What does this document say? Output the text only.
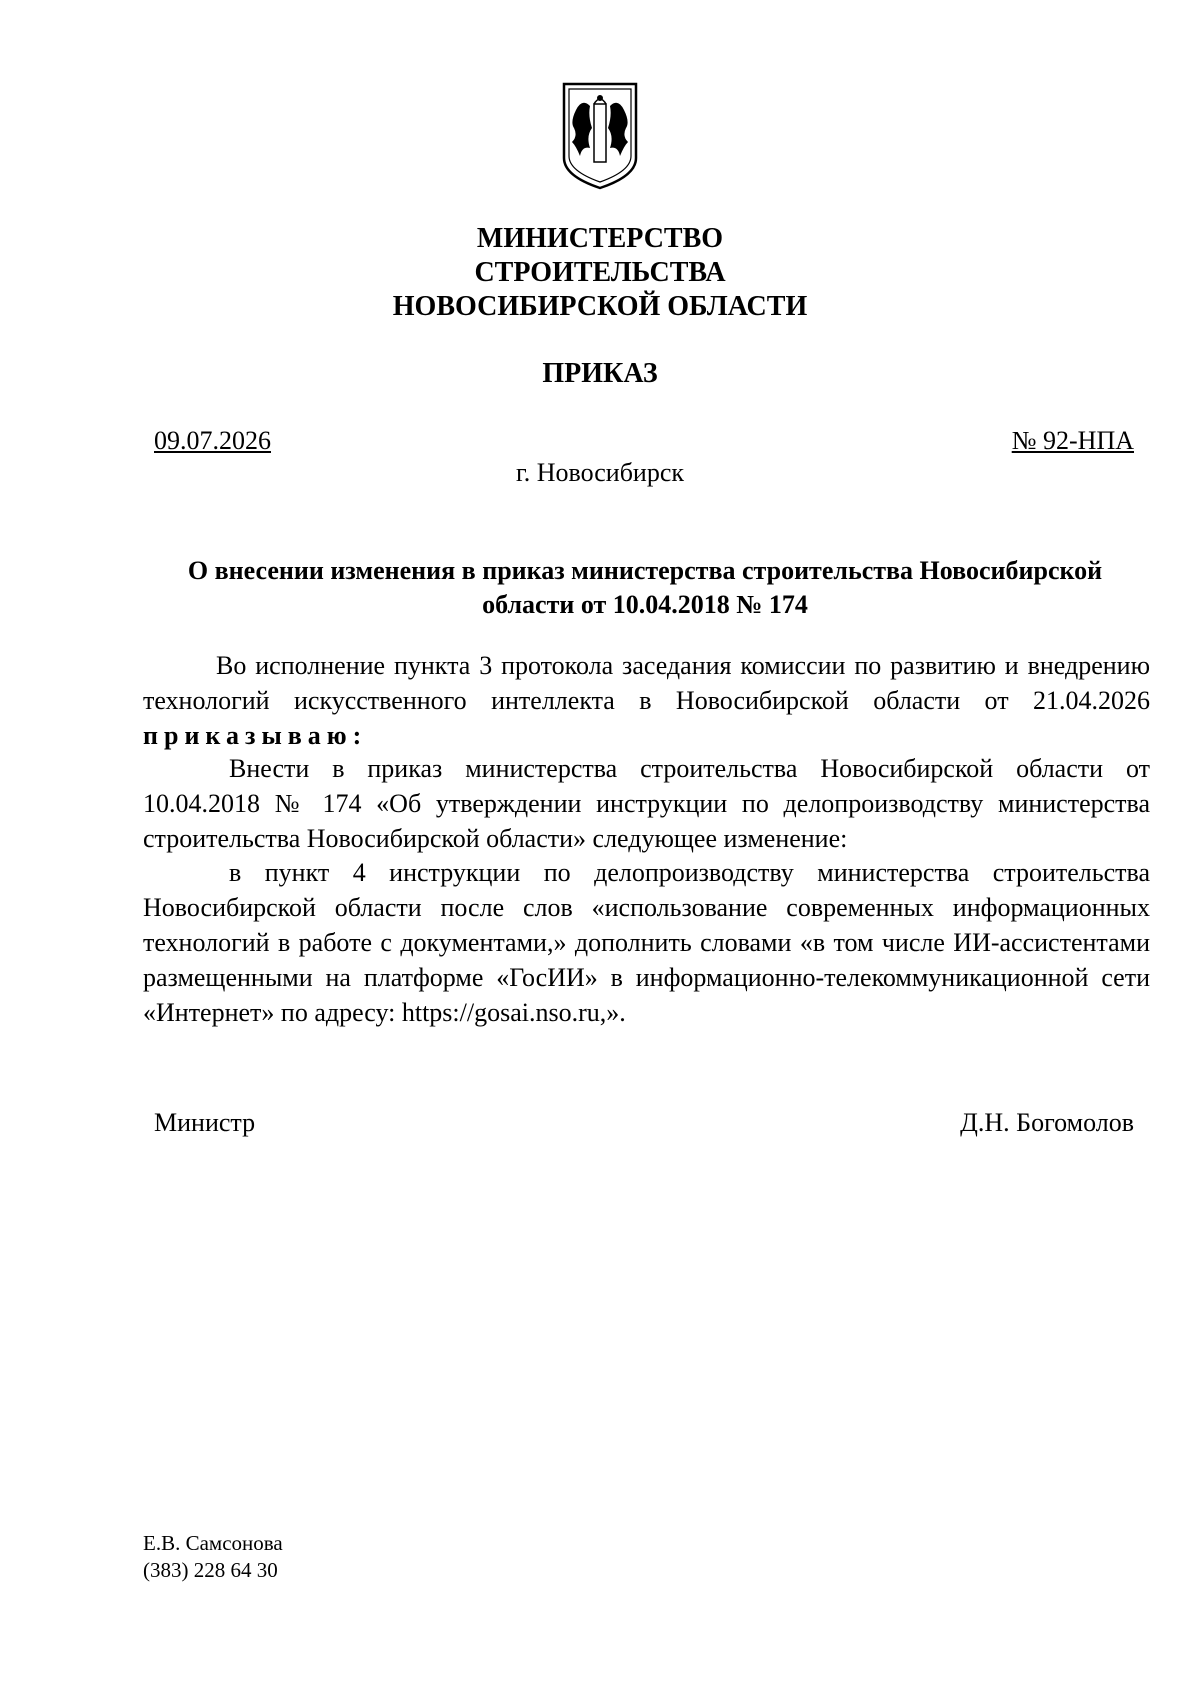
МИНИСТЕРСТВО
СТРОИТЕЛЬСТВА
НОВОСИБИРСКОЙ ОБЛАСТИ
ПРИКАЗ
09.07.2026	№ 92-НПА
г. Новосибирск
О внесении изменения в приказ министерства строительства Новосибирской
области от 10.04.2018 № 174
Во исполнение пункта 3 протокола заседания комиссии по развитию и внедрению технологий искусственного интеллекта в Новосибирской области от 21.04.2026 приказываю:
Внести в приказ министерства строительства Новосибирской области от 10.04.2018 № 174 «Об утверждении инструкции по делопроизводству министерства строительства Новосибирской области» следующее изменение:
в пункт 4 инструкции по делопроизводству министерства строительства Новосибирской области после слов «использование современных информационных технологий в работе с документами,» дополнить словами «в том числе ИИ-ассистентами размещенными на платформе «ГосИИ» в информационно-телекоммуникационной сети «Интернет» по адресу: https://gosai.nso.ru,».
Министр	Д.Н. Богомолов
Е.В. Самсонова
(383) 228 64 30
